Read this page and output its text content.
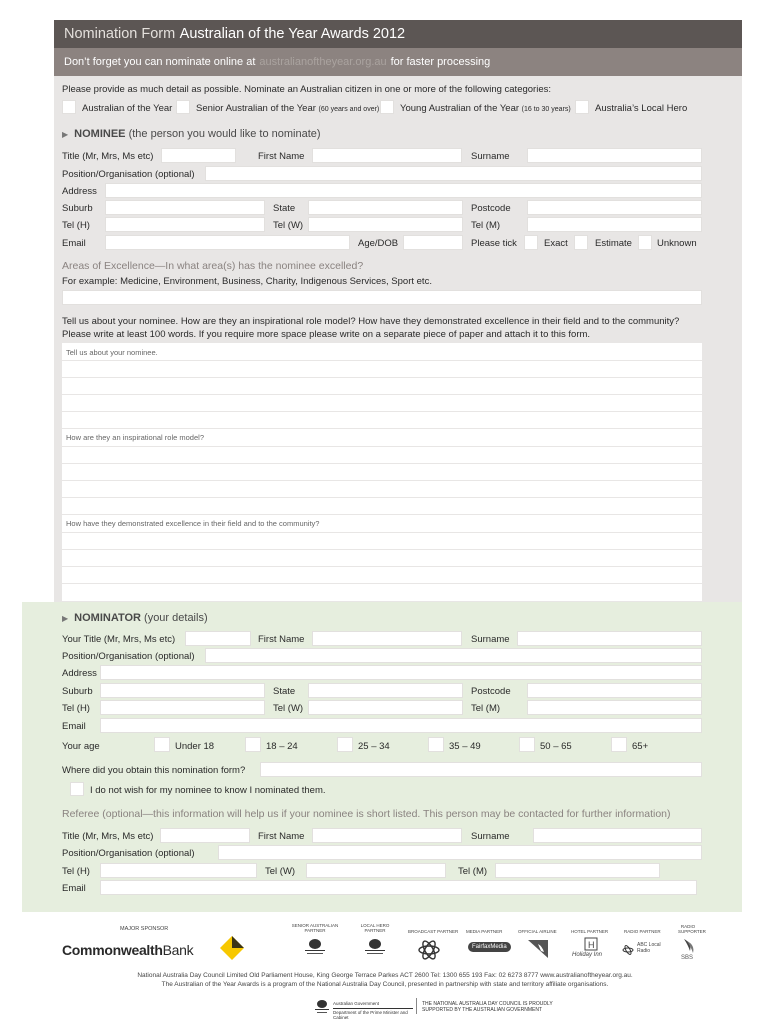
Nomination Form Australian of the Year Awards 2012
Don’t forget you can nominate online at australianoftheyear.org.au for faster processing
Please provide as much detail as possible. Nominate an Australian citizen in one or more of the following categories:
Australian of the Year Senior Australian of the Year (60 years and over) Young Australian of the Year (16 to 30 years)	Australia’s Local Hero
▶ NOMINEE (the person you would like to nominate)
Title (Mr, Mrs, Ms etc)	First Name	Surname
Position/Organisation (optional)
Address
Suburb	State	Postcode
Tel (H)	Tel (W)	Tel (M)
Email	Age/DOB	Please tick	Exact	Estimate	Unknown
Areas of Excellence—In what area(s) has the nominee excelled?
For example: Medicine, Environment, Business, Charity, Indigenous Services, Sport etc.
Tell us about your nominee. How are they an inspirational role model? How have they demonstrated excellence in their field and to the community?
Please write at least 100 words. If you require more space please write on a separate piece of paper and attach it to this form.
Tell us about your nominee.
How are they an inspirational role model?
How have they demonstrated excellence in their field and to the community?
▶ NOMINATOR (your details)
Your Title (Mr, Mrs, Ms etc)	First Name	Surname
Position/Organisation (optional)
Address
Suburb	State	Postcode
Tel (H)	Tel (W)	Tel (M)
Email
Your age	Under 18	18 – 24	25 – 34	35 – 49	50 – 65	65+
Where did you obtain this nomination form?
I do not wish for my nominee to know I nominated them.
Referee (optional—this information will help us if your nominee is short listed. This person may be contacted for further information)
Title (Mr, Mrs, Ms etc)	First Name	Surname
Position/Organisation (optional)
Tel (H)	Tel (W)	Tel (M)
Email
MAJOR SPONSOR
CommonwealthBank
SENIOR AUSTRALIAN PARTNER
LOCAL HERO PARTNER	BROADCAST PARTNER MEDIA PARTNER
FairfaxMedia
OFFICIAL AIRLINE	HOTEL PARTNER
H
Holiday Inn
RADIO PARTNER
ABC Local Radio
RADIO SUPPORTER
SBS
National Australia Day Council Limited Old Parliament House, King George Terrace Parkes ACT 2600 Tel: 1300 655 193 Fax: 02 6273 8777 www.australianoftheyear.org.au.
The Australian of the Year Awards is a program of the National Australia Day Council, presented in partnership with state and territory affiliate organisations.
Australian Government
Department of the Prime Minister and Cabinet
THE NATIONAL AUSTRALIA DAY COUNCIL IS PROUDLY
SUPPORTED BY THE AUSTRALIAN GOVERNMENT
